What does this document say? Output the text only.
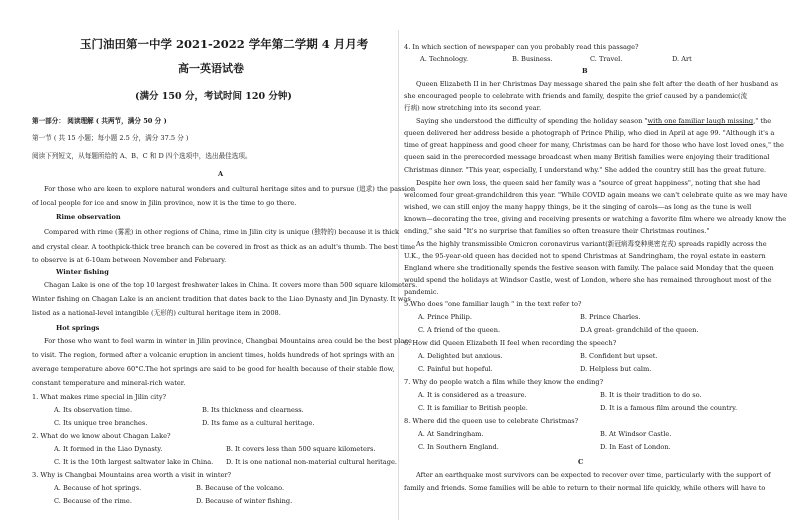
玉门油田第一中学 2021-2022 学年第二学期 4 月月考
高一英语试卷
(满分 150 分，考试时间 120 分钟)
第一部分： 阅读理解 ( 共两节，满分 50 分 )
第一节 ( 共 15 小题；每小题 2.5 分，满分 37.5 分 )
阅读下列短文，从每题所给的 A、B、C 和 D 四个选项中，选出最佳选项。
A
For those who are keen to explore natural wonders and cultural heritage sites and to pursue (追求) the passion
of local people for ice and snow in Jilin province, now it is the time to go there.
Rime observation
Compared with rime (雾凇) in other regions of China, rime in Jilin city is unique (独特的) because it is thick
and crystal clear. A toothpick-thick tree branch can be covered in frost as thick as an adult's thumb. The best time
to observe is at 6-10am between November and February.
Winter fishing
Chagan Lake is one of the top 10 largest freshwater lakes in China. It covers more than 500 square kilometers.
Winter fishing on Chagan Lake is an ancient tradition that dates back to the Liao Dynasty and Jin Dynasty. It was
listed as a national-level intangible (无形的) cultural heritage item in 2008.
Hot springs
For those who want to feel warm in winter in Jilin province, Changbai Mountains area could be the best place
to visit. The region, formed after a volcanic eruption in ancient times, holds hundreds of hot springs with an
average temperature above 60°C.The hot springs are said to be good for health because of their stable flow,
constant temperature and mineral-rich water.
1. What makes rime special in Jilin city?
A. Its observation time.	B. Its thickness and clearness.
C. Its unique tree branches.	D. Its fame as a cultural heritage.
2. What do we know about Chagan Lake?
A. It formed in the Liao Dynasty.	B. It covers less than 500 square kilometers.
C. It is the 10th largest saltwater lake in China. D. It is one national non-material cultural heritage.
3. Why is Changbai Mountains area worth a visit in winter?
A. Because of hot springs.	B. Because of the volcano.
C. Because of the rime.	D. Because of winter fishing.
4. In which section of newspaper can you probably read this passage?
A. Technology.	B. Business.	C. Travel.	D. Art
B
Queen Elizabeth II in her Christmas Day message shared the pain she felt after the death of her husband as
she encouraged people to celebrate with friends and family, despite the grief caused by a pandemic(流
行病) now stretching into its second year.
Saying she understood the difficulty of spending the holiday season "with one familiar laugh missing," the
queen delivered her address beside a photograph of Prince Philip, who died in April at age 99. "Although it's a
time of great happiness and good cheer for many, Christmas can be hard for those who have lost loved ones," the
queen said in the prerecorded message broadcast when many British families were enjoying their traditional
Christmas dinner. "This year, especially, I understand why." She added the country still has the great future.
Despite her own loss, the queen said her family was a "source of great happiness", noting that she had
welcomed four great-grandchildren this year. "While COVID again means we can't celebrate quite as we may have
wished, we can still enjoy the many happy things, be it the singing of carols—as long as the tune is well
known—decorating the tree, giving and receiving presents or watching a favorite film where we already know the
ending," she said "It's no surprise that families so often treasure their Christmas routines."
As the highly transmissible Omicron coronavirus variant(新冠病毒变种奥密克戎) spreads rapidly across the
U.K., the 95-year-old queen has decided not to spend Christmas at Sandringham, the royal estate in eastern
England where she traditionally spends the festive season with family. The palace said Monday that the queen
would spend the holidays at Windsor Castle, west of London, where she has remained throughout most of the
pandemic.
5.Who does "one familiar laugh " in the text refer to?
A. Prince Philip.	B. Prince Charles.
C. A friend of the queen.	D.A great- grandchild of the queen.
6. How did Queen Elizabeth II feel when recording the speech?
A. Delighted but anxious.	B. Confident but upset.
C. Painful but hopeful.	D. Helpless but calm.
7. Why do people watch a film while they know the ending?
A. It is considered as a treasure.	B. It is their tradition to do so.
C. It is familiar to British people.	D. It is a famous film around the country.
8. Where did the queen use to celebrate Christmas?
A. At Sandringham.	B. At Windsor Castle.
C. In Southern England.	D. In East of London.
C
After an earthquake most survivors can be expected to recover over time, particularly with the support of
family and friends. Some families will be able to return to their normal life quickly, while others will have to
